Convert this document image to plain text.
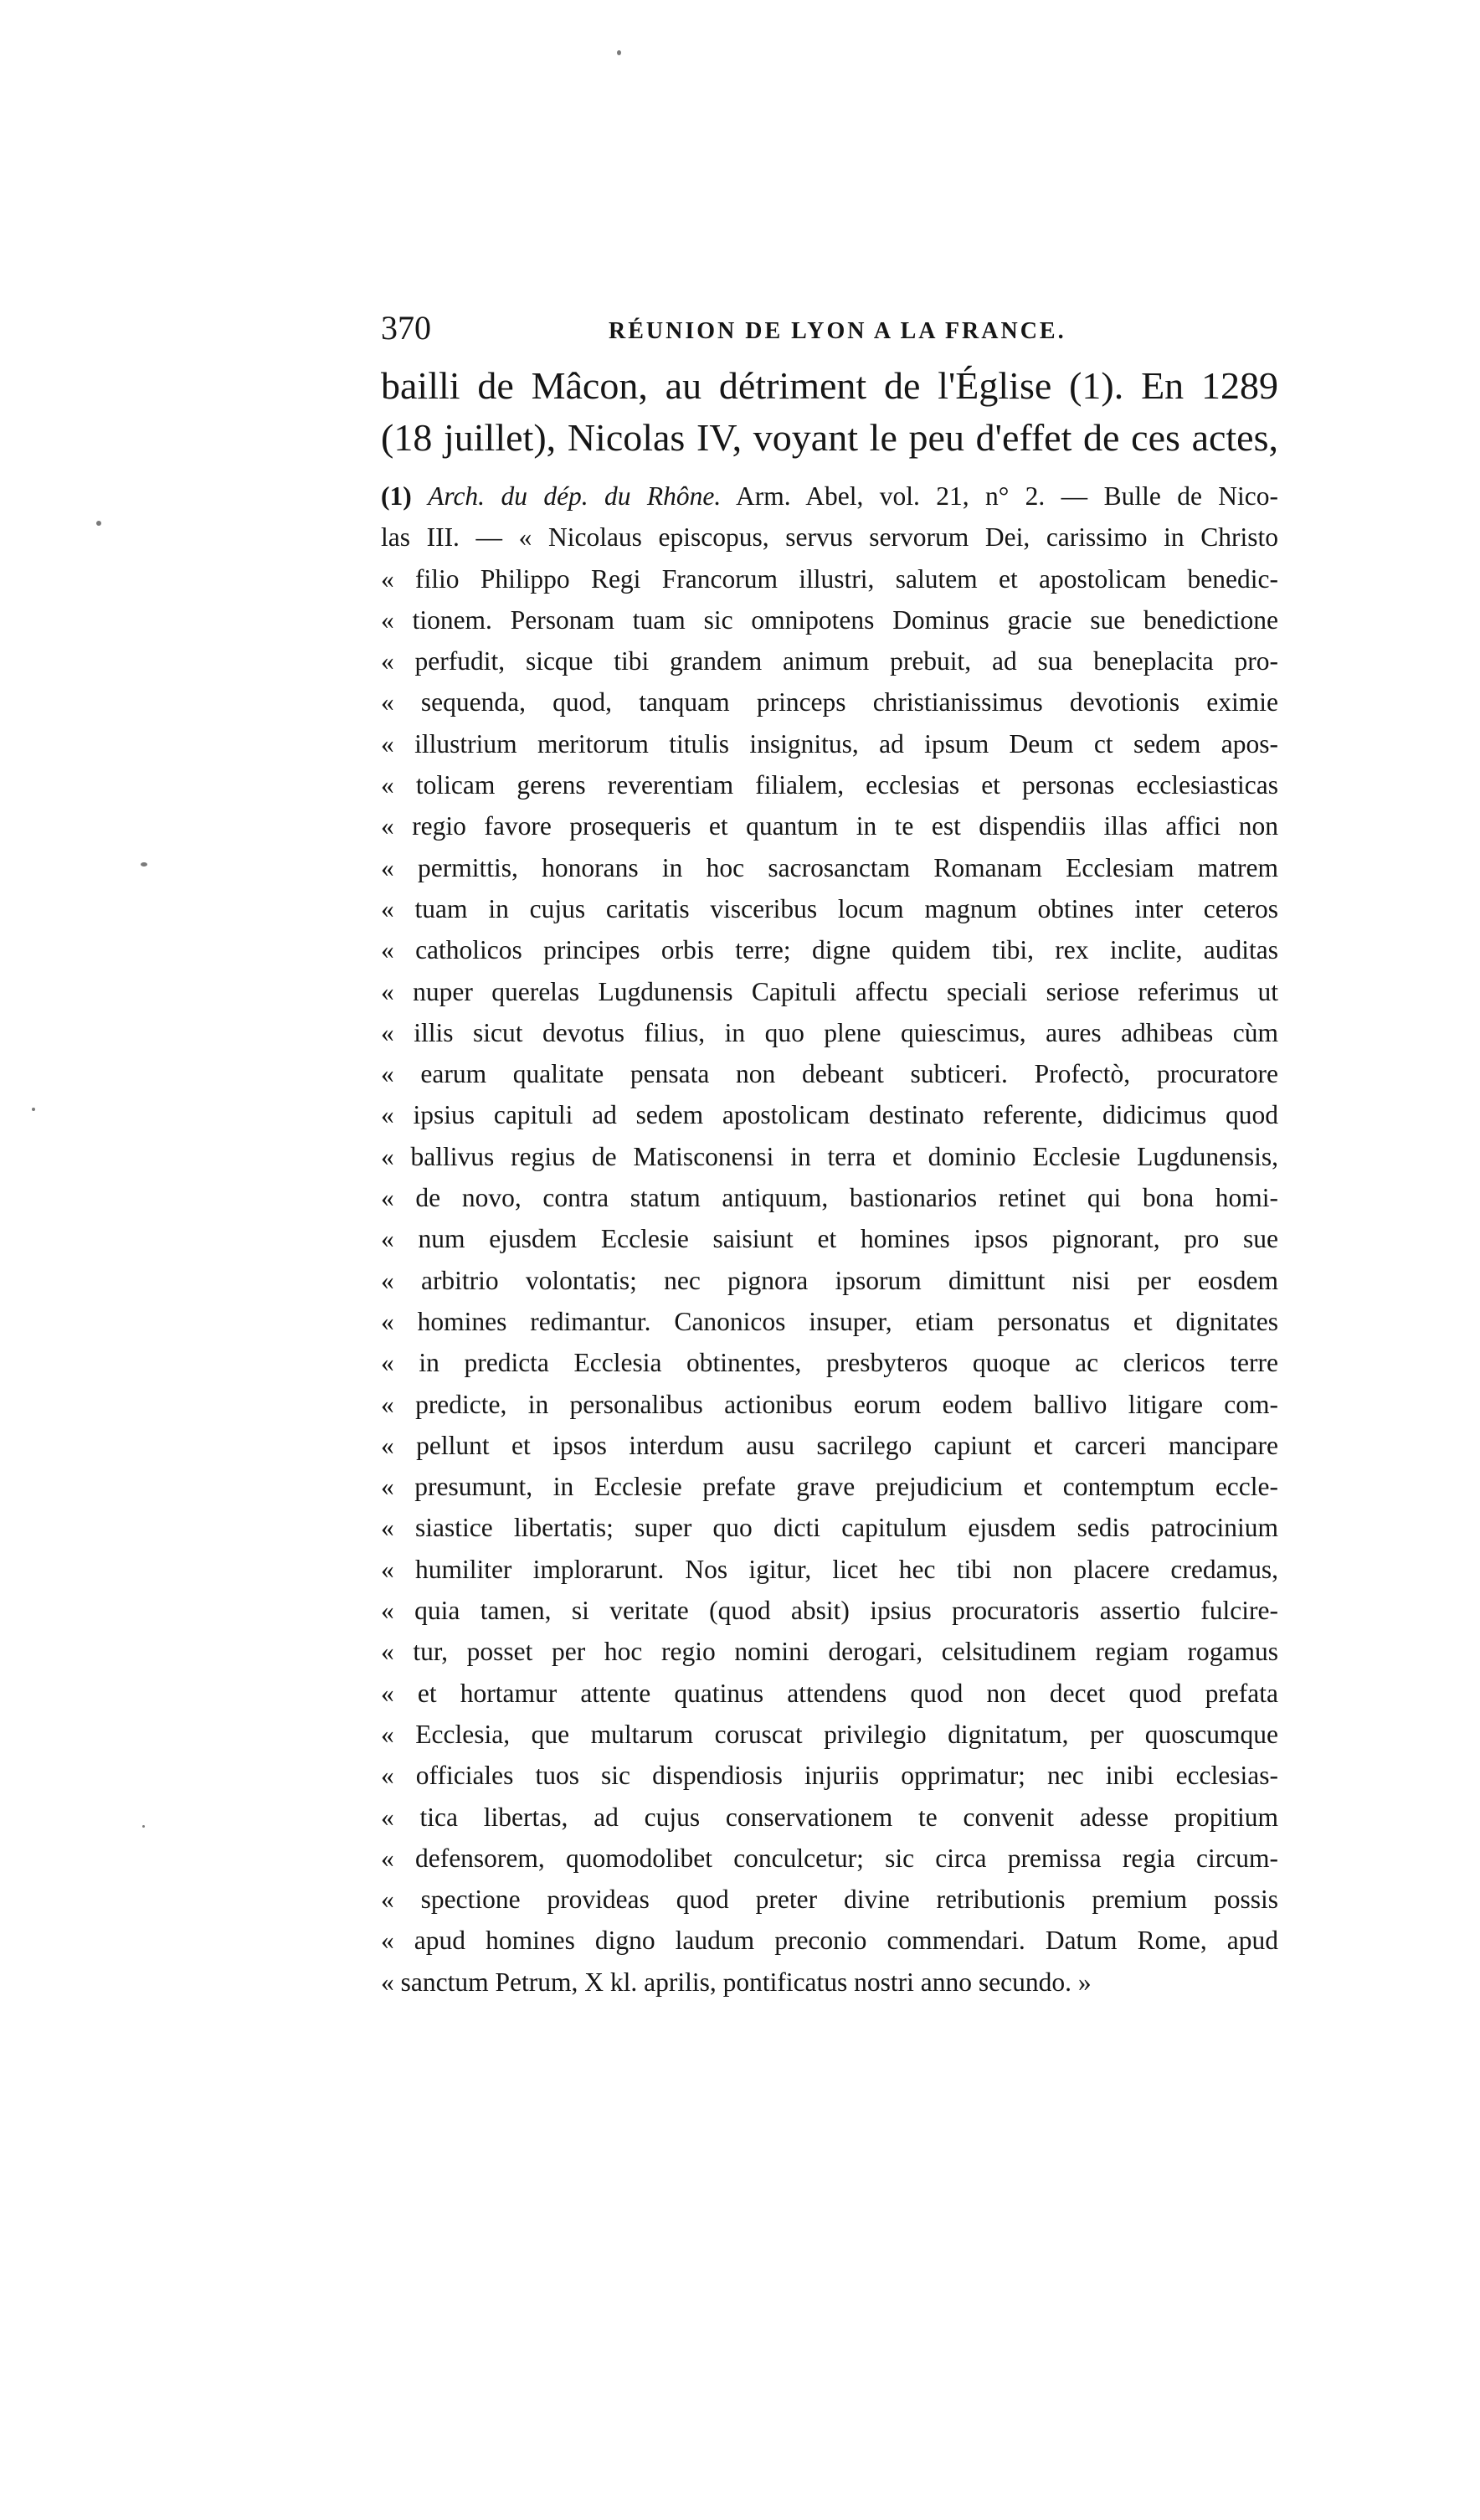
370	RÉUNION DE LYON A LA FRANCE.
bailli de Mâcon, au détriment de l'Église (1). En 1289
(18 juillet), Nicolas IV, voyant le peu d'effet de ces actes,
(1) Arch. du dép. du Rhône. Arm. Abel, vol. 21, n° 2. — Bulle de Nico-
las III. — « Nicolaus episcopus, servus servorum Dei, carissimo in Christo
« filio Philippo Regi Francorum illustri, salutem et apostolicam benedic-
« tionem. Personam tuam sic omnipotens Dominus gracie sue benedictione
« perfudit, sicque tibi grandem animum prebuit, ad sua beneplacita pro-
« sequenda, quod, tanquam princeps christianissimus devotionis eximie
« illustrium meritorum titulis insignitus, ad ipsum Deum ct sedem apos-
« tolicam gerens reverentiam filialem, ecclesias et personas ecclesiasticas
« regio favore prosequeris et quantum in te est dispendiis illas affici non
« permittis, honorans in hoc sacrosanctam Romanam Ecclesiam matrem
« tuam in cujus caritatis visceribus locum magnum obtines inter ceteros
« catholicos principes orbis terre; digne quidem tibi, rex inclite, auditas
« nuper querelas Lugdunensis Capituli affectu speciali seriose referimus ut
« illis sicut devotus filius, in quo plene quiescimus, aures adhibeas cùm
« earum qualitate pensata non debeant subticeri. Profectò, procuratore
« ipsius capituli ad sedem apostolicam destinato referente, didicimus quod
« ballivus regius de Matisconensi in terra et dominio Ecclesie Lugdunensis,
« de novo, contra statum antiquum, bastionarios retinet qui bona homi-
« num ejusdem Ecclesie saisiunt et homines ipsos pignorant, pro sue
« arbitrio volontatis; nec pignora ipsorum dimittunt nisi per eosdem
« homines redimantur. Canonicos insuper, etiam personatus et dignitates
« in predicta Ecclesia obtinentes, presbyteros quoque ac clericos terre
« predicte, in personalibus actionibus eorum eodem ballivo litigare com-
« pellunt et ipsos interdum ausu sacrilego capiunt et carceri mancipare
« presumunt, in Ecclesie prefate grave prejudicium et contemptum eccle-
« siastice libertatis; super quo dicti capitulum ejusdem sedis patrocinium
« humiliter implorarunt. Nos igitur, licet hec tibi non placere credamus,
« quia tamen, si veritate (quod absit) ipsius procuratoris assertio fulcire-
« tur, posset per hoc regio nomini derogari, celsitudinem regiam rogamus
« et hortamur attente quatinus attendens quod non decet quod prefata
« Ecclesia, que multarum coruscat privilegio dignitatum, per quoscumque
« officiales tuos sic dispendiosis injuriis opprimatur; nec inibi ecclesias-
« tica libertas, ad cujus conservationem te convenit adesse propitium
« defensorem, quomodolibet conculcetur; sic circa premissa regia circum-
« spectione provideas quod preter divine retributionis premium possis
« apud homines digno laudum preconio commendari. Datum Rome, apud
« sanctum Petrum, X kl. aprilis, pontificatus nostri anno secundo. »
